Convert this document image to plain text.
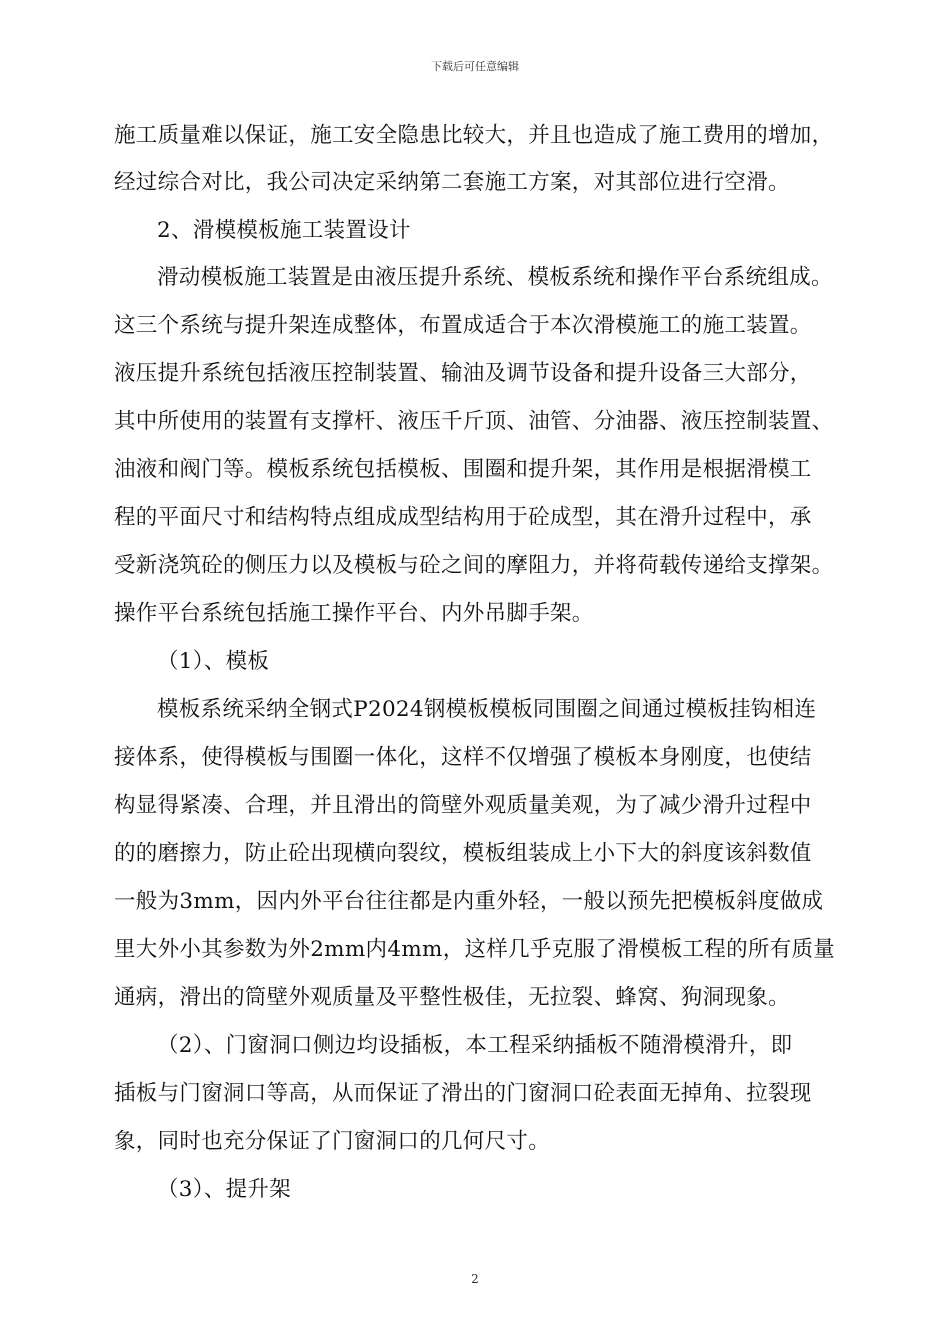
下载后可任意编辑
施工质量难以保证，施工安全隐患比较大，并且也造成了施工费用的增加，
经过综合对比，我公司决定采纳第二套施工方案，对其部位进行空滑。
2、滑模模板施工装置设计
滑动模板施工装置是由液压提升系统、模板系统和操作平台系统组成。
这三个系统与提升架连成整体，布置成适合于本次滑模施工的施工装置。
液压提升系统包括液压控制装置、输油及调节设备和提升设备三大部分，
其中所使用的装置有支撑杆、液压千斤顶、油管、分油器、液压控制装置、
油液和阀门等。模板系统包括模板、围圈和提升架，其作用是根据滑模工
程的平面尺寸和结构特点组成成型结构用于砼成型，其在滑升过程中，承
受新浇筑砼的侧压力以及模板与砼之间的摩阻力，并将荷载传递给支撑架。
操作平台系统包括施工操作平台、内外吊脚手架。
（1）、模板
模板系统采纳全钢式P2024钢模板模板同围圈之间通过模板挂钩相连
接体系，使得模板与围圈一体化，这样不仅增强了模板本身刚度，也使结
构显得紧凑、合理，并且滑出的筒壁外观质量美观，为了减少滑升过程中
的的磨擦力，防止砼出现横向裂纹，模板组装成上小下大的斜度该斜数值
一般为3mm，因内外平台往往都是内重外轻，一般以预先把模板斜度做成
里大外小其参数为外2mm内4mm，这样几乎克服了滑模板工程的所有质量
通病，滑出的筒壁外观质量及平整性极佳，无拉裂、蜂窝、狗洞现象。
（2）、门窗洞口侧边均设插板，本工程采纳插板不随滑模滑升，即
插板与门窗洞口等高，从而保证了滑出的门窗洞口砼表面无掉角、拉裂现
象，同时也充分保证了门窗洞口的几何尺寸。
（3）、提升架
2
